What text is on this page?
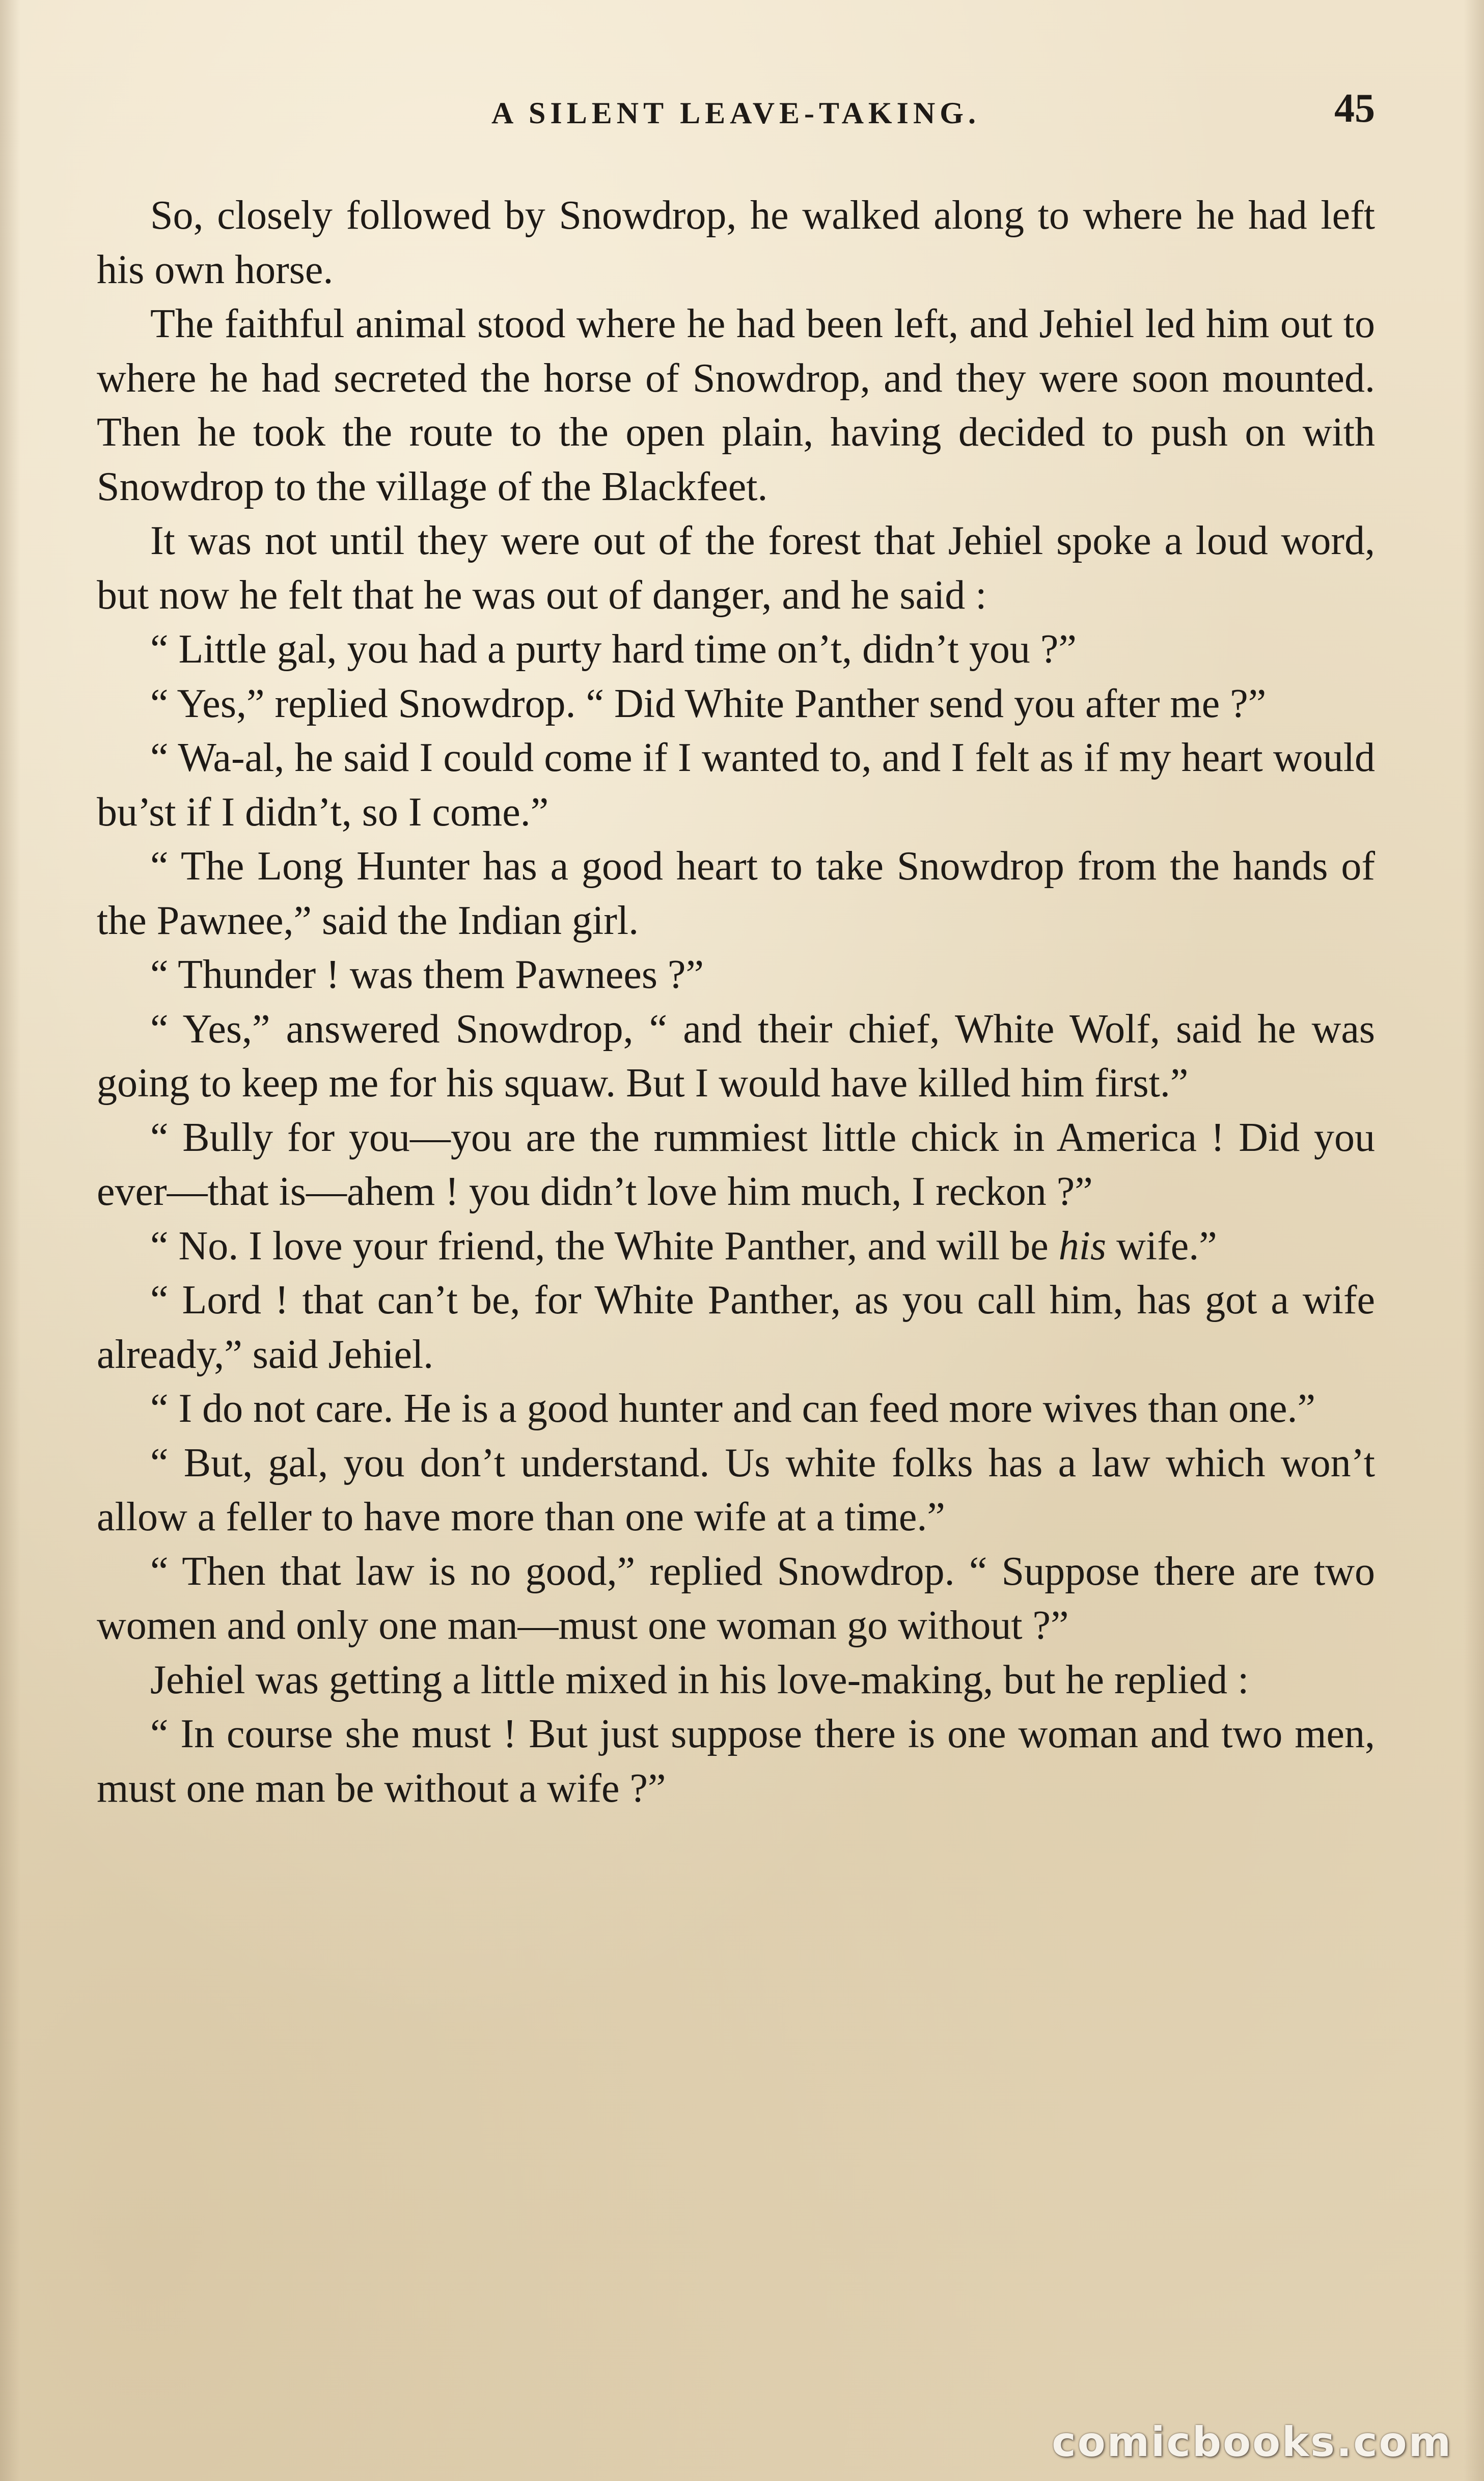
A SILENT LEAVE-TAKING.	45

So, closely followed by Snowdrop, he walked along to where he had left his own horse.

The faithful animal stood where he had been left, and Jehiel led him out to where he had secreted the horse of Snowdrop, and they were soon mounted. Then he took the route to the open plain, having decided to push on with Snowdrop to the village of the Blackfeet.

It was not until they were out of the forest that Jehiel spoke a loud word, but now he felt that he was out of danger, and he said :

“ Little gal, you had a purty hard time on’t, didn’t you ?”

“ Yes,” replied Snowdrop. “ Did White Panther send you after me ?”

“ Wa-al, he said I could come if I wanted to, and I felt as if my heart would bu’st if I didn’t, so I come.”

“ The Long Hunter has a good heart to take Snowdrop from the hands of the Pawnee,” said the Indian girl.

“ Thunder ! was them Pawnees ?”

“ Yes,” answered Snowdrop, “ and their chief, White Wolf, said he was going to keep me for his squaw. But I would have killed him first.”

“ Bully for you—you are the rummiest little chick in America ! Did you ever—that is—ahem ! you didn’t love him much, I reckon ?”

“ No. I love your friend, the White Panther, and will be his wife.”

“ Lord ! that can’t be, for White Panther, as you call him, has got a wife already,” said Jehiel.

“ I do not care. He is a good hunter and can feed more wives than one.”

“ But, gal, you don’t understand. Us white folks has a law which won’t allow a feller to have more than one wife at a time.”

“ Then that law is no good,” replied Snowdrop. “ Suppose there are two women and only one man—must one woman go without ?”

Jehiel was getting a little mixed in his love-making, but he replied :

“ In course she must ! But just suppose there is one woman and two men, must one man be without a wife ?”

comicbooks.com
